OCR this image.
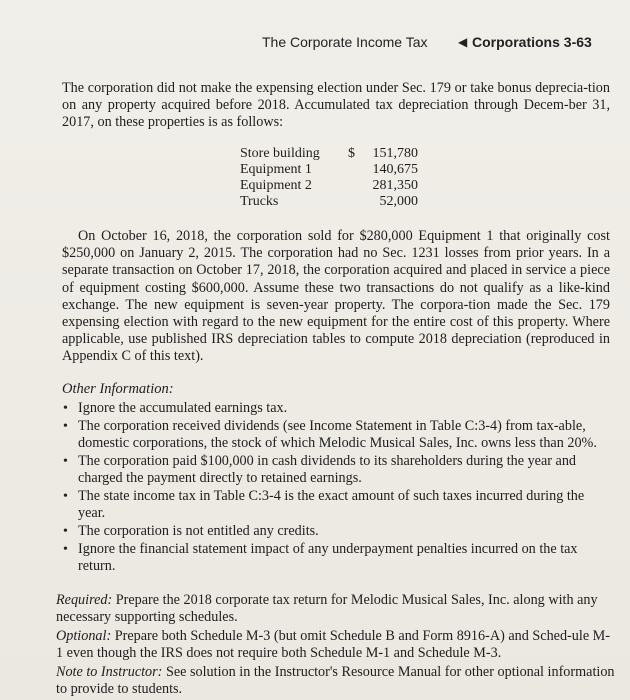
The Corporate Income Tax	◀ Corporations 3-63
The corporation did not make the expensing election under Sec. 179 or take bonus deprecia-tion on any property acquired before 2018. Accumulated tax depreciation through Decem-ber 31, 2017, on these properties is as follows:
Store building	$	151,780
Equipment 1		140,675
Equipment 2		281,350
Trucks		52,000
On October 16, 2018, the corporation sold for $280,000 Equipment 1 that originally cost $250,000 on January 2, 2015. The corporation had no Sec. 1231 losses from prior years. In a separate transaction on October 17, 2018, the corporation acquired and placed in service a piece of equipment costing $600,000. Assume these two transactions do not qualify as a like-kind exchange. The new equipment is seven-year property. The corpora-tion made the Sec. 179 expensing election with regard to the new equipment for the entire cost of this property. Where applicable, use published IRS depreciation tables to compute 2018 depreciation (reproduced in Appendix C of this text).
Other Information:
• Ignore the accumulated earnings tax.
• The corporation received dividends (see Income Statement in Table C:3-4) from tax-able, domestic corporations, the stock of which Melodic Musical Sales, Inc. owns less than 20%.
• The corporation paid $100,000 in cash dividends to its shareholders during the year and charged the payment directly to retained earnings.
• The state income tax in Table C:3-4 is the exact amount of such taxes incurred during the year.
• The corporation is not entitled any credits.
• Ignore the financial statement impact of any underpayment penalties incurred on the tax return.
Required: Prepare the 2018 corporate tax return for Melodic Musical Sales, Inc. along with any necessary supporting schedules.
Optional: Prepare both Schedule M-3 (but omit Schedule B and Form 8916-A) and Sched-ule M-1 even though the IRS does not require both Schedule M-1 and Schedule M-3.
Note to Instructor: See solution in the Instructor's Resource Manual for other optional information to provide to students.
